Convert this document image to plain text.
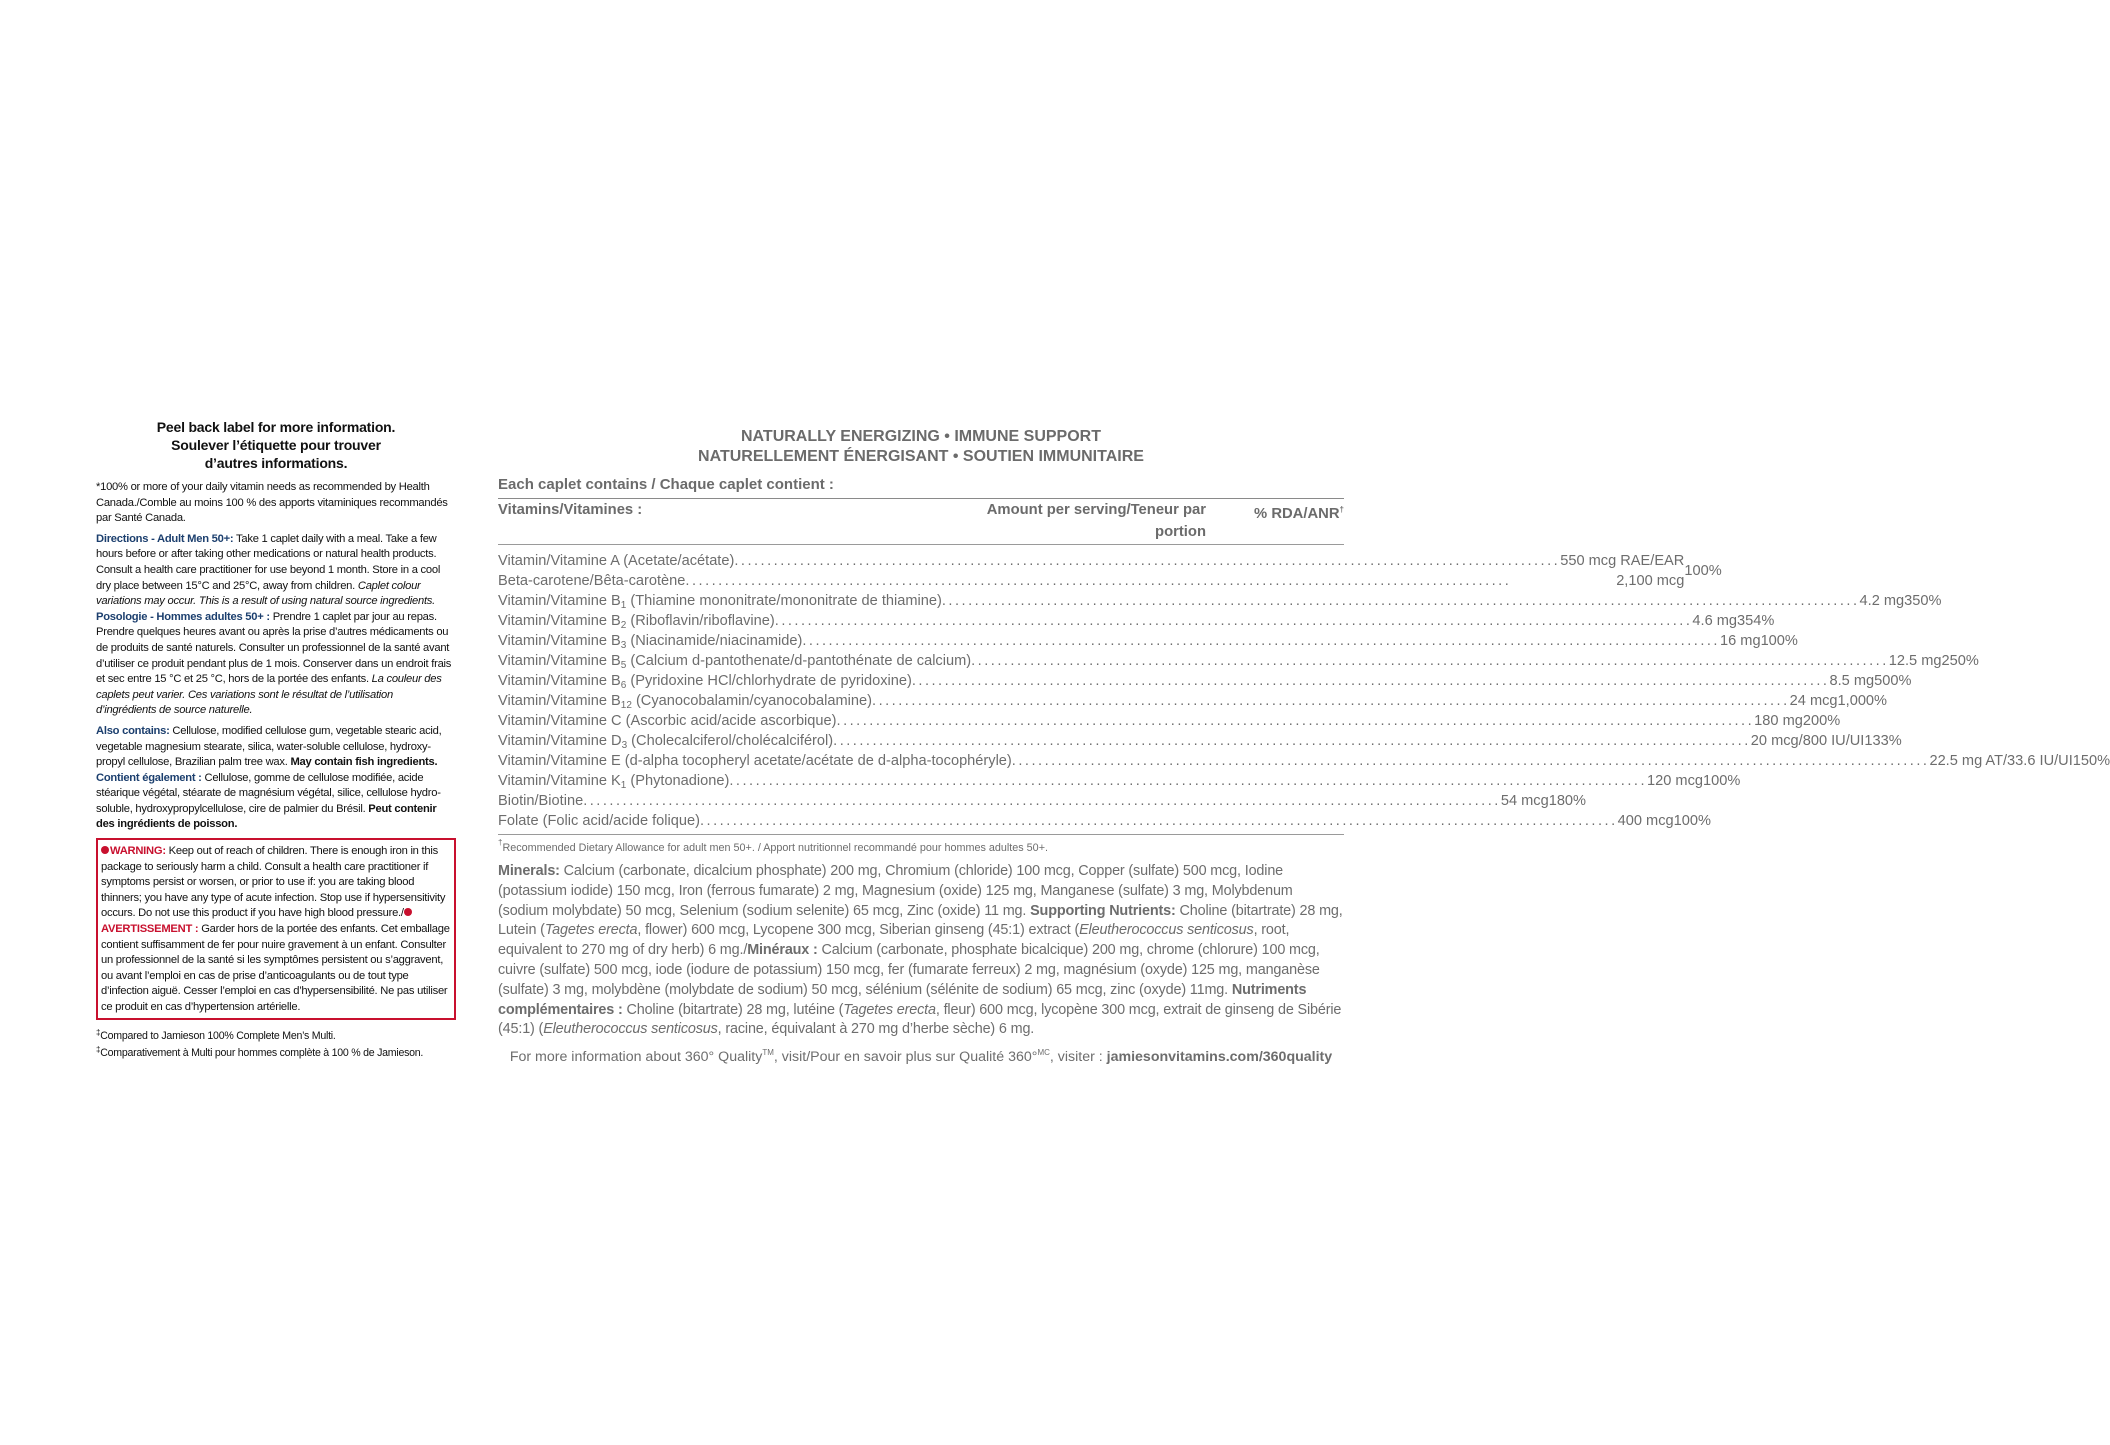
Peel back label for more information.
Soulever l’étiquette pour trouver
d’autres informations.

*100% or more of your daily vitamin needs as recommended by Health Canada./Comble au moins 100 % des apports vitaminiques recommandés par Santé Canada.

Directions - Adult Men 50+: Take 1 caplet daily with a meal. Take a few hours before or after taking other medications or natural health products. Consult a health care practitioner for use beyond 1 month. Store in a cool dry place between 15°C and 25°C, away from children. Caplet colour variations may occur. This is a result of using natural source ingredients.

Posologie - Hommes adultes 50+ : Prendre 1 caplet par jour au repas. Prendre quelques heures avant ou après la prise d’autres médicaments ou de produits de santé naturels. Consulter un professionnel de la santé avant d’utiliser ce produit pendant plus de 1 mois. Conserver dans un endroit frais et sec entre 15 °C et 25 °C, hors de la portée des enfants. La couleur des caplets peut varier. Ces variations sont le résultat de l’utilisation d’ingrédients de source naturelle.

Also contains: Cellulose, modified cellulose gum, vegetable stearic acid, vegetable magnesium stearate, silica, water-soluble cellulose, hydroxy-propyl cellulose, Brazilian palm tree wax. May contain fish ingredients.

Contient également : Cellulose, gomme de cellulose modifiée, acide stéarique végétal, stéarate de magnésium végétal, silice, cellulose hydro-soluble, hydroxypropylcellulose, cire de palmier du Brésil. Peut contenir des ingrédients de poisson.

WARNING: Keep out of reach of children. There is enough iron in this package to seriously harm a child. Consult a health care practitioner if symptoms persist or worsen, or prior to use if: you are taking blood thinners; you have any type of acute infection. Stop use if hypersensitivity occurs. Do not use this product if you have high blood pressure./AVERTISSEMENT : Garder hors de la portée des enfants. Cet emballage contient suffisamment de fer pour nuire gravement à un enfant. Consulter un professionnel de la santé si les symptômes persistent ou s’aggravent, ou avant l’emploi en cas de prise d’anticoagulants ou de tout type d’infection aiguë. Cesser l’emploi en cas d’hypersensibilité. Ne pas utiliser ce produit en cas d’hypertension artérielle.
‡Compared to Jamieson 100% Complete Men’s Multi.
‡Comparativement à Multi pour hommes complète à 100 % de Jamieson.
NATURALLY ENERGIZING • IMMUNE SUPPORT
NATURELLEMENT ÉNERGISANT • SOUTIEN IMMUNITAIRE
Each caplet contains / Chaque caplet contient :
Vitamins/Vitamines :	Amount per serving/Teneur par portion
% RDA/ANR†
Vitamin/Vitamine A (Acetate/acétate) .............................................................................................................................. 550 mcg RAE/EAR
Beta-carotene/Bêta-carotène ..............................................................................................................................	2,100 mcg
100%
Vitamin/Vitamine $B_1$ (Thiamine mononitrate/mononitrate de thiamine) ............................................................................................................................................ 4.2 mg 350%
Vitamin/Vitamine $B_2$ (Riboflavin/riboflavine) ............................................................................................................................................ 4.6 mg 354%
Vitamin/Vitamine $B_3$ (Niacinamide/niacinamide) ............................................................................................................................................ 16 mg 100%
Vitamin/Vitamine $B_5$ (Calcium d-pantothenate/d-pantothénate de calcium) ............................................................................................................................................ 12.5 mg 250%
Vitamin/Vitamine $B_6$ (Pyridoxine HCl/chlorhydrate de pyridoxine) ............................................................................................................................................ 8.5 mg 500%
Vitamin/Vitamine $B_{12}$ (Cyanocobalamin/cyanocobalamine) ............................................................................................................................................ 24 mcg 1,000%
Vitamin/Vitamine C (Ascorbic acid/acide ascorbique) ............................................................................................................................................ 180 mg 200%
Vitamin/Vitamine $D_3$ (Cholecalciferol/cholécalciférol) ............................................................................................................................................ 20 mcg/800 IU/UI 133%
Vitamin/Vitamine E (d-alpha tocopheryl acetate/acétate de d-alpha-tocophéryle) ............................................................................................................................................ 22.5 mg AT/33.6 IU/UI 150%
Vitamin/Vitamine $K_1$ (Phytonadione) ............................................................................................................................................ 120 mcg 100%
Biotin/Biotine ............................................................................................................................................ 54 mcg 180%
Folate (Folic acid/acide folique) ............................................................................................................................................ 400 mcg 100%
†Recommended Dietary Allowance for adult men 50+. / Apport nutritionnel recommandé pour hommes adultes 50+.
Minerals: Calcium (carbonate, dicalcium phosphate) 200 mg, Chromium (chloride) 100 mcg, Copper (sulfate) 500 mcg, Iodine (potassium iodide) 150 mcg, Iron (ferrous fumarate) 2 mg, Magnesium (oxide) 125 mg, Manganese (sulfate) 3 mg, Molybdenum (sodium molybdate) 50 mcg, Selenium (sodium selenite) 65 mcg, Zinc (oxide) 11 mg. Supporting Nutrients: Choline (bitartrate) 28 mg, Lutein (Tagetes erecta, flower) 600 mcg, Lycopene 300 mcg, Siberian ginseng (45:1) extract (Eleutherococcus senticosus, root, equivalent to 270 mg of dry herb) 6 mg./Minéraux : Calcium (carbonate, phosphate bicalcique) 200 mg, chrome (chlorure) 100 mcg, cuivre (sulfate) 500 mcg, iode (iodure de potassium) 150 mcg, fer (fumarate ferreux) 2 mg, magnésium (oxyde) 125 mg, manganèse (sulfate) 3 mg, molybdène (molybdate de sodium) 50 mcg, sélénium (sélénite de sodium) 65 mcg, zinc (oxyde) 11mg. Nutriments complémentaires : Choline (bitartrate) 28 mg, lutéine (Tagetes erecta, fleur) 600 mcg, lycopène 300 mcg, extrait de ginseng de Sibérie (45:1) (Eleutherococcus senticosus, racine, équivalant à 270 mg d’herbe sèche) 6 mg.
For more information about 360° Quality™, visit/Pour en savoir plus sur Qualité 360°$^{MC}$, visiter : jamiesonvitamins.com/360quality
